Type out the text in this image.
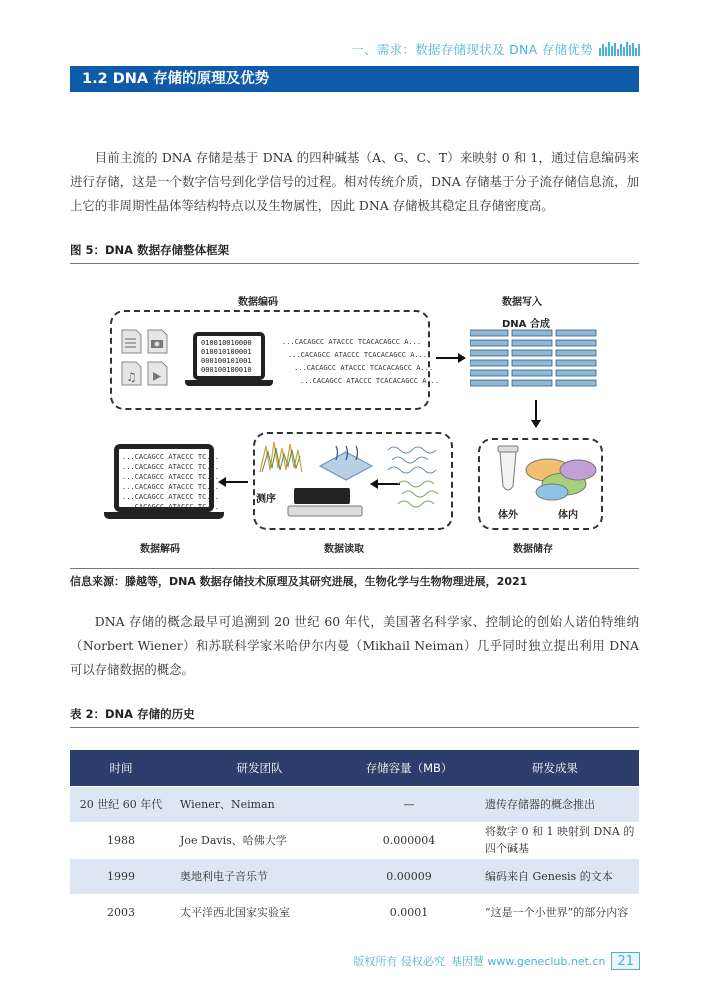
一、需求：数据存储现状及 DNA 存储优势
1.2 DNA 存储的原理及优势

目前主流的 DNA 存储是基于 DNA 的四种碱基（A、G、C、T）来映射 0 和 1，通过信息编码来进行存储，这是一个数字信号到化学信号的过程。相对传统介质，DNA 存储基于分子流存储信息流，加上它的非周期性晶体等结构特点以及生物属性，因此 DNA 存储极其稳定且存储密度高。

图 5：DNA 数据存储整体框架
数据编码
♫
010010010000
010010100001
000100101001
000100100010
...CACAGCC ATACCC TCACACAGCC A...
...CACAGCC ATACCC TCACACAGCC A...
...CACAGCC ATACCC TCACACAGCC A...
...CACAGCC ATACCC TCACACAGCC A...
数据写入
DNA 合成
体外	体内
数据储存
测序
数据读取
...CACAGCC ATACCC TC...
...CACAGCC ATACCC TC...
...CACAGCC ATACCC TC...
...CACAGCC ATACCC TC...
...CACAGCC ATACCC TC...
...CACAGCC ATACCC TC...
数据解码
信息来源：滕越等，DNA 数据存储技术原理及其研究进展，生物化学与生物物理进展，2021

DNA 存储的概念最早可追溯到 20 世纪 60 年代，美国著名科学家、控制论的创始人诺伯特维纳（Norbert Wiener）和苏联科学家米哈伊尔内曼（Mikhail Neiman）几乎同时独立提出利用 DNA 可以存储数据的概念。

表 2：DNA 存储的历史
时间	研发团队	存储容量（MB）	研发成果
20 世纪 60 年代	Wiener、Neiman	—	遗传存储器的概念推出
1988	Joe Davis、哈佛大学	0.000004	将数字 0 和 1 映射到 DNA 的四个碱基
1999	奥地利电子音乐节	0.00009	编码来自 Genesis 的文本
2003	太平洋西北国家实验室	0.0001	“这是一个小世界”的部分内容
版权所有 侵权必究 基因慧 www.geneclub.net.cn 21
